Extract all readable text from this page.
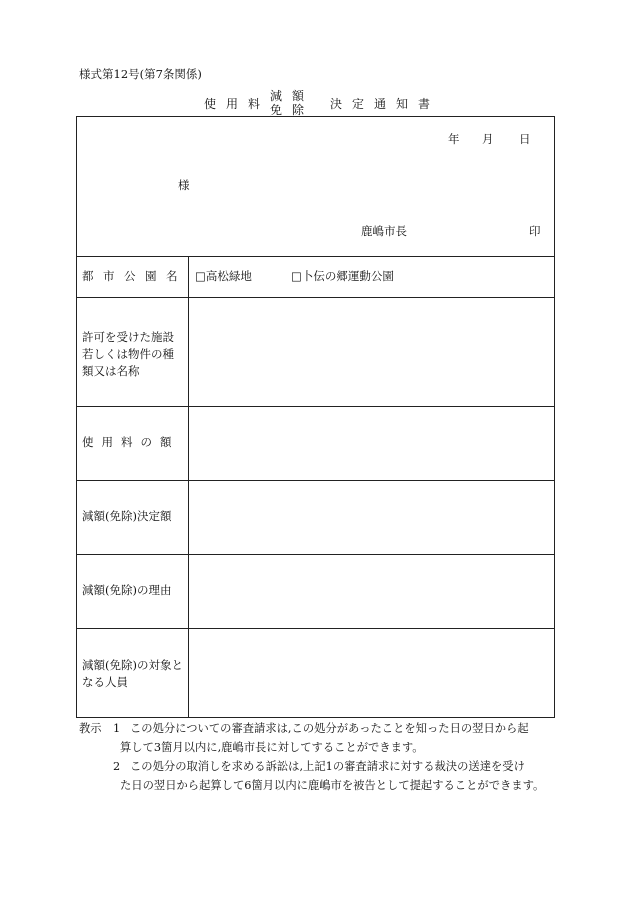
様式第12号(第7条関係)
使用料
減額
免除 決定通知書
年 月 日
様
鹿嶋市長	印
都市公園名 □高松緑地	□卜伝の郷運動公園
許可を受けた施設若しくは物件の種類又は名称
使用料の額
減額(免除)決定額
減額(免除)の理由
減額(免除)の対象となる人員
教示 1 この処分についての審査請求は,この処分があったことを知った日の翌日から起
算して3箇月以内に,鹿嶋市長に対してすることができます。
2 この処分の取消しを求める訴訟は,上記1の審査請求に対する裁決の送達を受け
た日の翌日から起算して6箇月以内に鹿嶋市を被告として提起することができます。
